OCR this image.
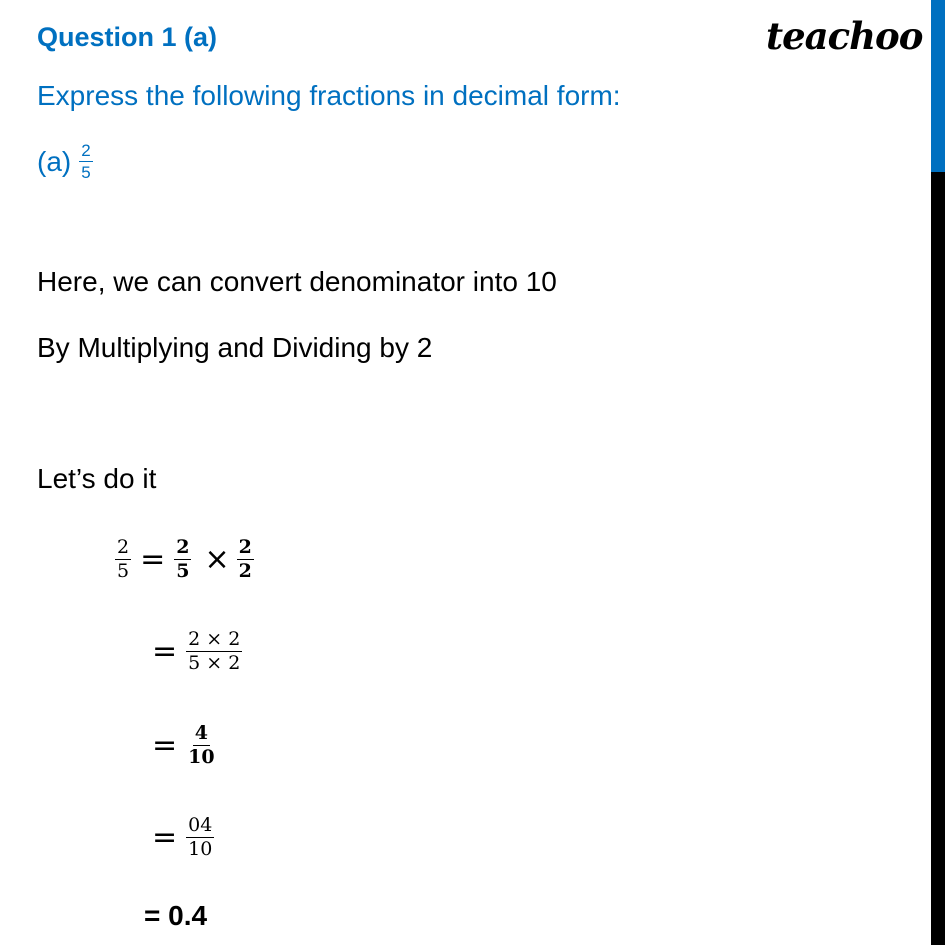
Question 1 (a)	teachoo
Express the following fractions in decimal form:
$(a) \frac{2}{5}$
Here, we can convert denominator into 10
By Multiplying and Dividing by 2
Let’s do it
$\frac{2}{5} = \frac{2}{5} \times \frac{2}{2}$
= $\frac{2 \times 2}{5 \times 2}$
= $\frac{4}{10}$
= $\frac{04}{10}$
= 0.4
